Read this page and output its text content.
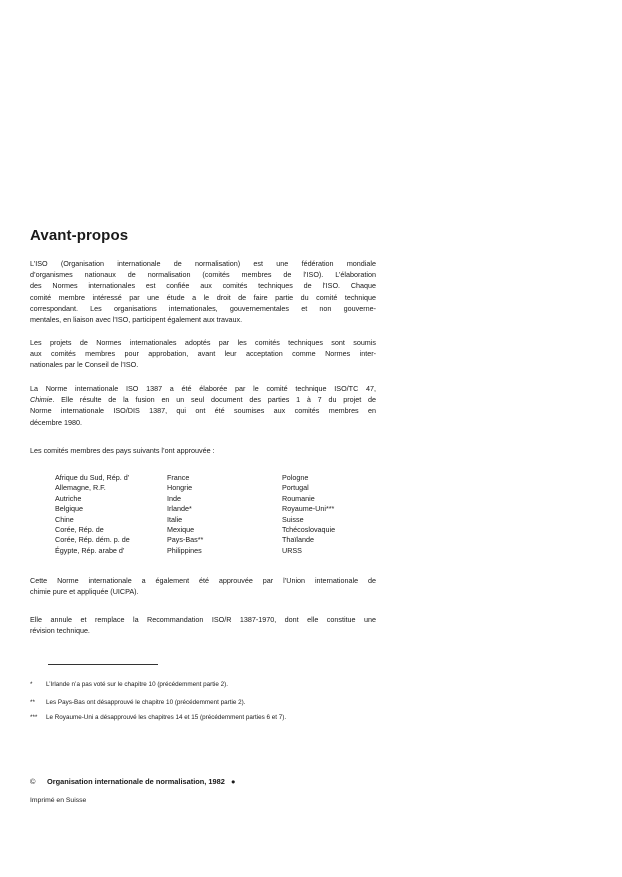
Avant-propos

L’ISO (Organisation internationale de normalisation) est une fédération mondiale
d’organismes nationaux de normalisation (comités membres de l’ISO). L’élaboration
des Normes internationales est confiée aux comités techniques de l’ISO. Chaque
comité membre intéressé par une étude a le droit de faire partie du comité technique
correspondant. Les organisations internationales, gouvernementales et non gouverne-
mentales, en liaison avec l’ISO, participent également aux travaux.

Les projets de Normes internationales adoptés par les comités techniques sont soumis
aux comités membres pour approbation, avant leur acceptation comme Normes inter-
nationales par le Conseil de l’ISO.

La Norme internationale ISO 1387 a été élaborée par le comité technique ISO/TC 47,
Chimie. Elle résulte de la fusion en un seul document des parties 1 à 7 du projet de
Norme internationale ISO/DIS 1387, qui ont été soumises aux comités membres en
décembre 1980.

Les comités membres des pays suivants l’ont approuvée :

Afrique du Sud, Rép. d’
Allemagne, R.F.
Autriche
Belgique
Chine
Corée, Rép. de
Corée, Rép. dém. p. de
Égypte, Rép. arabe d’
France
Hongrie
Inde
Irlande*
Italie
Mexique
Pays-Bas**
Philippines
Pologne
Portugal
Roumanie
Royaume-Uni***
Suisse
Tchécoslovaquie
Thaïlande
URSS

Cette Norme internationale a également été approuvée par l’Union internationale de
chimie pure et appliquée (UICPA).

Elle annule et remplace la Recommandation ISO/R 1387-1970, dont elle constitue une
révision technique.

* L’Irlande n’a pas voté sur le chapitre 10 (précédemment partie 2).
** Les Pays-Bas ont désapprouvé le chapitre 10 (précédemment partie 2).
*** Le Royaume-Uni a désapprouvé les chapitres 14 et 15 (précédemment parties 6 et 7).
© Organisation internationale de normalisation, 1982 ●
Imprimé en Suisse
